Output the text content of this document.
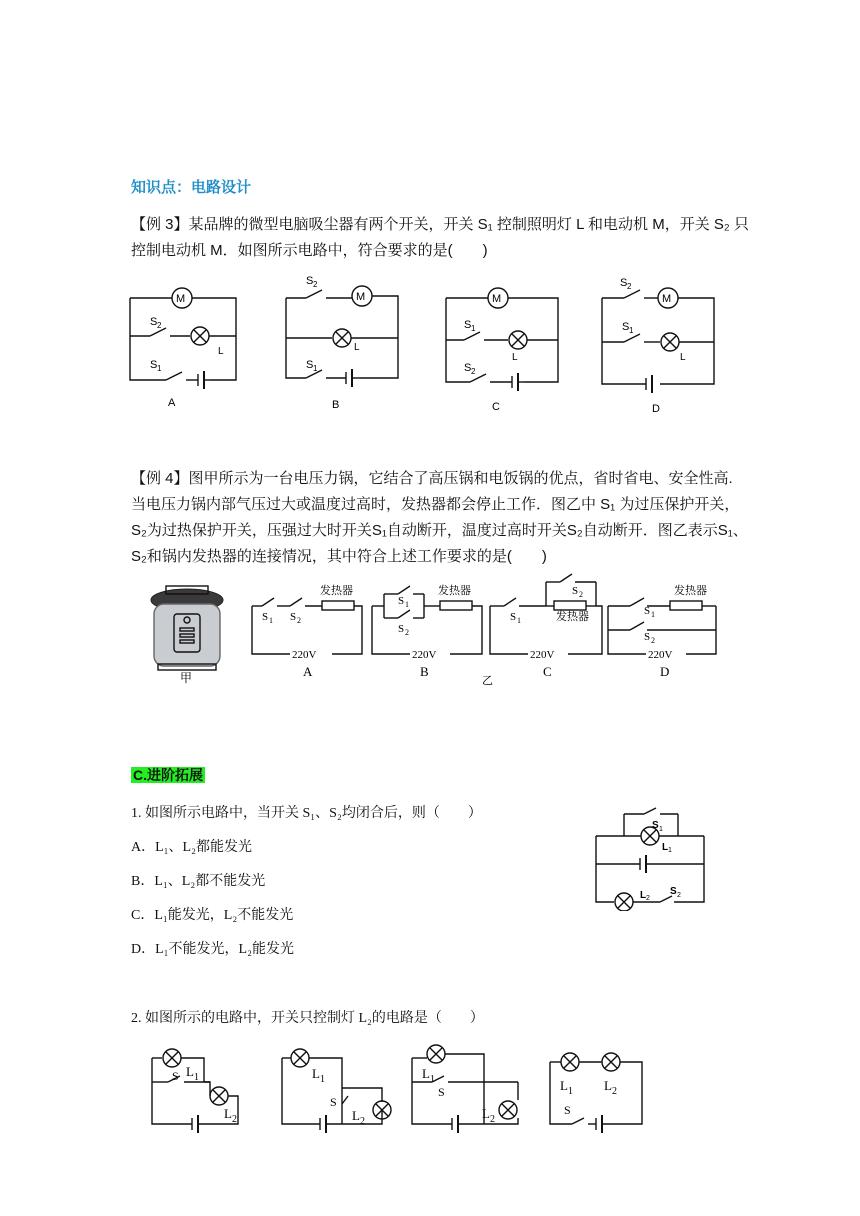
知识点：电路设计
【例 3】某品牌的微型电脑吸尘器有两个开关，开关 S₁ 控制照明灯 L 和电动机 M，开关 S₂ 只
控制电动机 M．如图所示电路中，符合要求的是(　　)
M
S 2
L
S 1
A
M
S 2
L
S 1
B
M
S 1
L
S 2
C
S 2
M
S 1
L
D
【例 4】图甲所示为一台电压力锅，它结合了高压锅和电饭锅的优点，省时省电、安全性高.
当电压力锅内部气压过大或温度过高时，发热器都会停止工作．图乙中 S₁ 为过压保护开关，
S₂为过热保护开关，压强过大时开关S₁自动断开，温度过高时开关S₂自动断开．图乙表示S₁、
S₂和锅内发热器的连接情况，其中符合上述工作要求的是(　　)
甲
S 1 S 2
发热器
220V
A
S 1
S 2
发热器
220V
B
S 1
S 2
发热器
220V
C
乙
S 1
S 2
发热器
220V
D
C.进阶拓展
1. 如图所示电路中，当开关 S₁、S₂均闭合后，则（　　）
A．L₁、L₂都能发光
B．L₁、L₂都不能发光
C．L₁能发光，L₂不能发光
D．L₁不能发光，L₂能发光
S 1
L 1
L 2
S 2
2. 如图所示的电路中，开关只控制灯 L₂的电路是（　　）
S L 1
L 2
L 1
S
L 2
L 1
S
L 2
L 1 L 2
S
